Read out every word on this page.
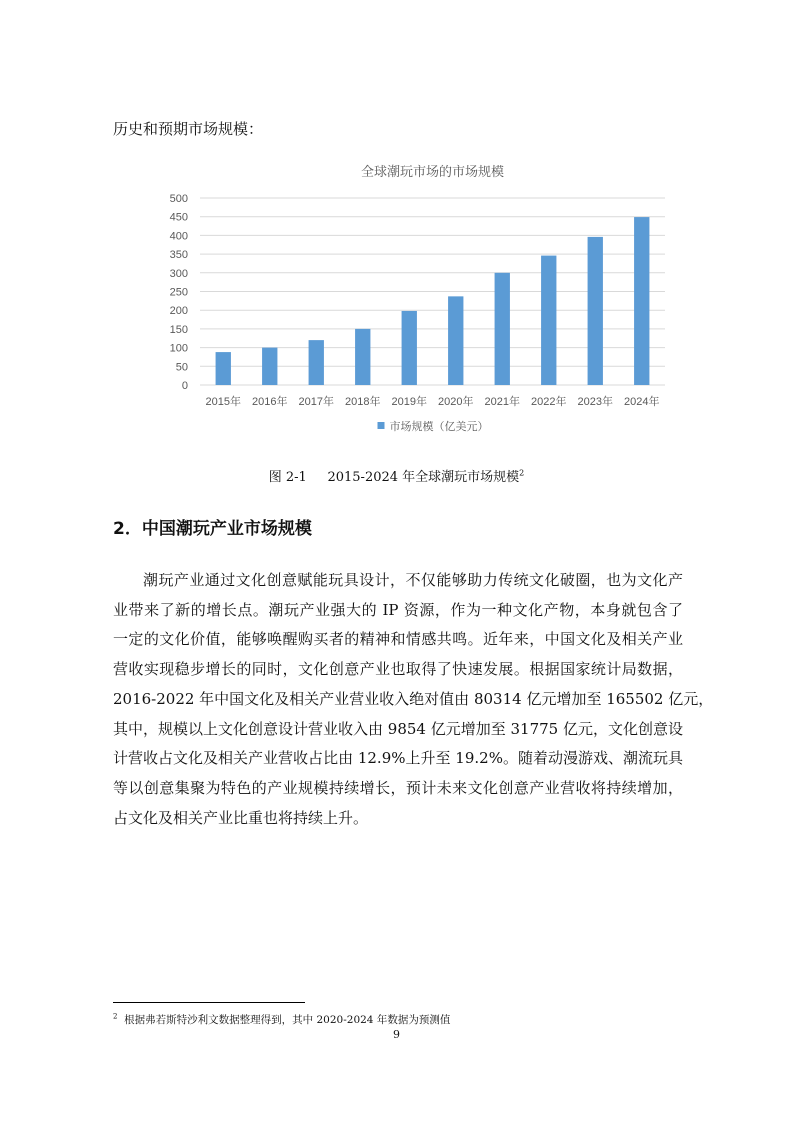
历史和预期市场规模：
全球潮玩市场的市场规模
0
50
100
150
200
250
300
350
400
450
500
2015年 2016年 2017年 2018年 2019年 2020年 2021年 2022年 2023年 2024年
市场规模（亿美元）
图 2-1 2015-2024 年全球潮玩市场规模$^2$
2．中国潮玩产业市场规模
潮玩产业通过文化创意赋能玩具设计，不仅能够助力传统文化破圈，也为文化产
业带来了新的增长点。潮玩产业强大的 IP 资源，作为一种文化产物，本身就包含了
一定的文化价值，能够唤醒购买者的精神和情感共鸣。近年来，中国文化及相关产业
营收实现稳步增长的同时，文化创意产业也取得了快速发展。根据国家统计局数据，
2016-2022 年中国文化及相关产业营业收入绝对值由 80314 亿元增加至 165502 亿元，
其中，规模以上文化创意设计营业收入由 9854 亿元增加至 31775 亿元，文化创意设
计营收占文化及相关产业营收占比由 12.9%上升至 19.2%。随着动漫游戏、潮流玩具
等以创意集聚为特色的产业规模持续增长，预计未来文化创意产业营收将持续增加，
占文化及相关产业比重也将持续上升。
$^2$ 根据弗若斯特沙利文数据整理得到，其中 2020-2024 年数据为预测值
9
